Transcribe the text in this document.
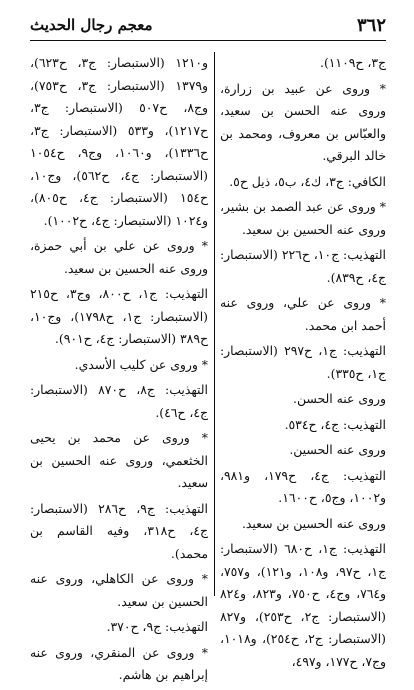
٣٦٢
معجم رجال الحديث

ج٣، ح١١٠٩).

* وروى عن عبيد بن زرارة، وروى عنه الحسن بن سعيد، والعبّاس بن معروف، ومحمد بن خالد البرقي.

الكافي: ج٣، ك٤، ب٥، ذيل ح٥.

* وروى عن عبد الصمد بن بشير، وروى عنه الحسين بن سعيد.

التهذيب: ج١٠، ح٢٢٦ (الاستبصار: ج٤، ح٨٣٩).

* وروى عن علي، وروى عنه أحمد ابن محمد.

التهذيب: ج١، ح٢٩٧ (الاستبصار: ج١، ح٣٣٥).

وروى عنه الحسن.

التهذيب: ج٤، ح٥٣٤.

وروى عنه الحسين.

التهذيب: ج٤، ح١٧٩، و٩٨١، و١٠٠٢، وج٥، ح١٦٠٠.

وروى عنه الحسين بن سعيد.

التهذيب: ج١، ح٦٨٠ (الاستبصار: ج١، ح٩٧، و١٠٨، و١٢١)، و٧٥٧، و٧٦٤، وج٤، ح٧٥٠، و٨٢٣، و٨٢٤ (الاستبصار: ج٢، ح٢٥٣)، و٨٢٧ (الاستبصار: ج٢، ح٢٥٤)، و١٠١٨، وج٧، ح١٧٧، و٤٩٧،

و١٢١٠ (الاستبصار: ج٣، ح٦٢٣)، و١٣٧٩ (الاستبصار: ج٣، ح٧٥٣)، وج٨، ح٥٠٧ (الاستبصار: ج٣، ح١٢١٧)، و٥٣٣ (الاستبصار: ج٣، ح١٣٣٦)، و١٠٦٠، وج٩، ح١٠٥٤ (الاستبصار: ج٤، ح٥٦٢)، وج١٠، ح١٥٤ (الاستبصار: ج٤، ح٨٠٥)، و١٠٢٤ (الاستبصار: ج٤، ح١٠٠٢).

* وروى عن علي بن أبي حمزة، وروى عنه الحسين بن سعيد.

التهذيب: ج١، ح٨٠٠، وج٣، ح٢١٥ (الاستبصار: ج١، ح١٧٩٨)، وج١٠، ح٣٨٩ (الاستبصار: ج٤، ح٩٠١).

* وروى عن كليب الأسدي.

التهذيب: ج٨، ح٨٧٠ (الاستبصار: ج٤، ح٤٦).

* وروى عن محمد بن يحيى الخثعمي، وروى عنه الحسين بن سعيد.

التهذيب: ج٩، ح٢٨٦ (الاستبصار: ج٤، ح٣١٨، وفيه القاسم بن محمد).

* وروى عن الكاهلي، وروى عنه الحسين بن سعيد.

التهذيب: ج٩، ح٣٧٠.

* وروى عن المنقري، وروى عنه إبراهيم بن هاشم.
